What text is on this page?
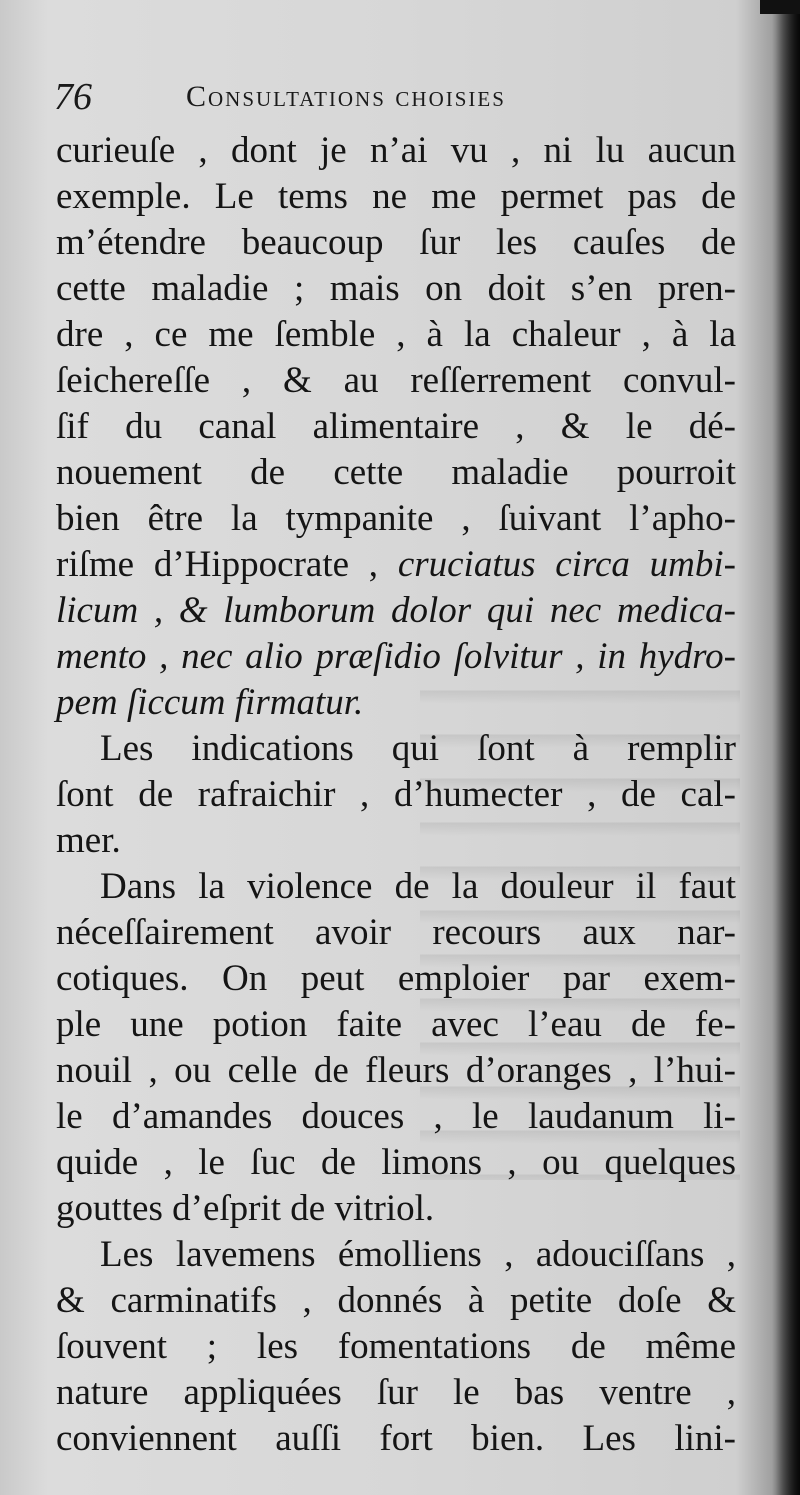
76	Consultations choisies
curieuſe , dont je n’ai vu , ni lu aucun
exemple. Le tems ne me permet pas de
m’étendre beaucoup ſur les cauſes de
cette maladie ; mais on doit s’en pren-
dre , ce me ſemble , à la chaleur , à la
ſeichereſſe , & au reſſerrement convul-
ſif du canal alimentaire , & le dé-
nouement de cette maladie pourroit
bien être la tympanite , ſuivant l’apho-
riſme d’Hippocrate , cruciatus circa umbi-
licum , & lumborum dolor qui nec medica-
mento , nec alio præſidio ſolvitur , in hydro-
pem ſiccum firmatur.
Les indications qui ſont à remplir
ſont de rafraichir , d’humecter , de cal-
mer.
Dans la violence de la douleur il faut
néceſſairement avoir recours aux nar-
cotiques. On peut emploier par exem-
ple une potion faite avec l’eau de fe-
nouil , ou celle de fleurs d’oranges , l’hui-
le d’amandes douces , le laudanum li-
quide , le ſuc de limons , ou quelques
gouttes d’eſprit de vitriol.
Les lavemens émolliens , adouciſſans ,
& carminatifs , donnés à petite doſe &
ſouvent ; les fomentations de même
nature appliquées ſur le bas ventre ,
conviennent auſſi fort bien. Les lini-
